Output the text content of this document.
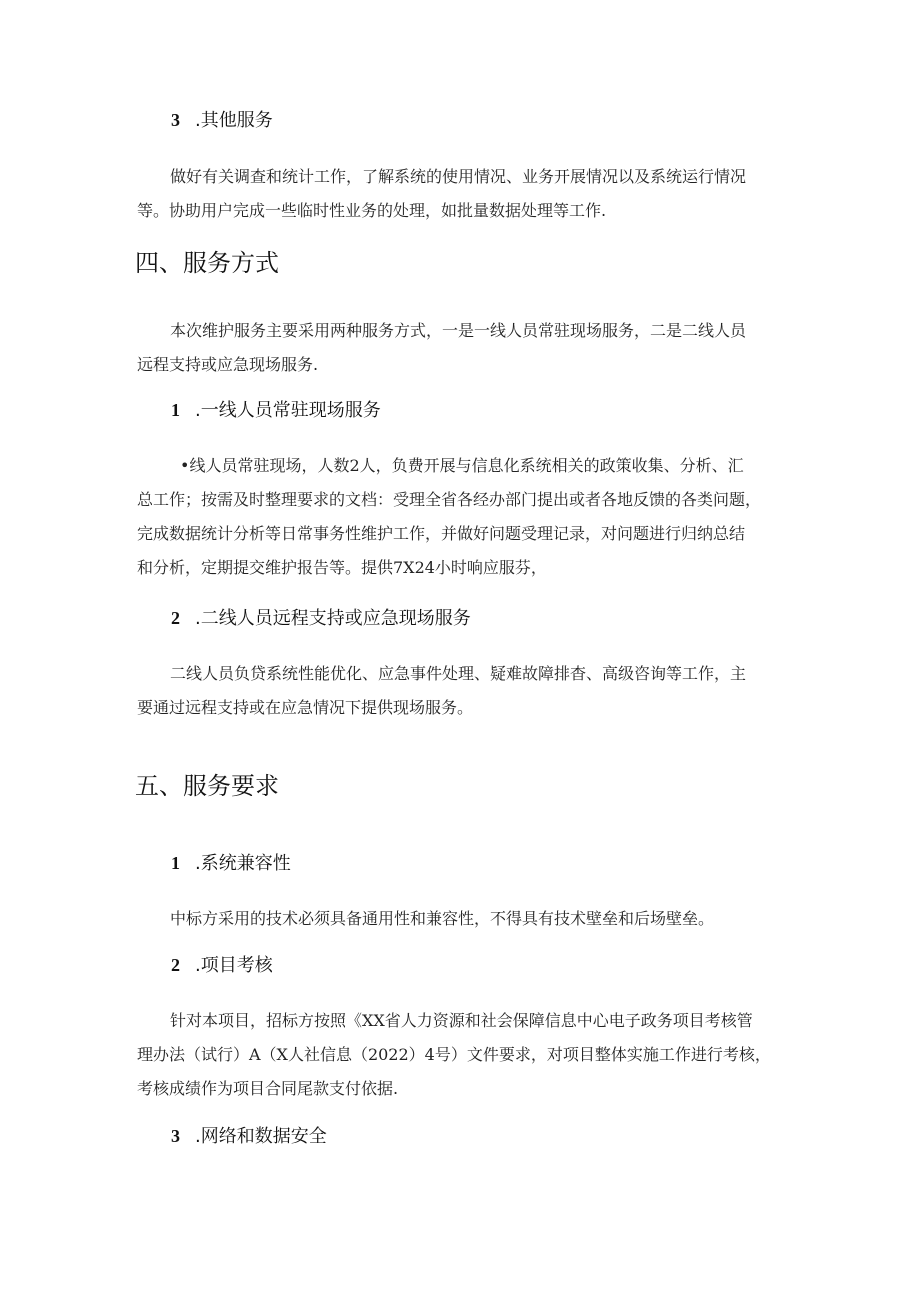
3 .其他服务
做好有关调查和统计工作，了解系统的使用情况、业务开展情况以及系统运行情况
等。协助用户完成一些临时性业务的处理，如批量数据处理等工作.
四、服务方式
本次维护服务主要采用两种服务方式，一是一线人员常驻现场服务，二是二线人员
远程支持或应急现场服务.
1 .一线人员常驻现场服务
•线人员常驻现场，人数2人，负费开展与信息化系统相关的政策收集、分析、汇
总工作；按需及时整理要求的文档：受理全省各经办部门提出或者各地反馈的各类问题，
完成数据统计分析等日常事务性维护工作，并做好问题受理记录，对问题进行归纳总结
和分析，定期提交维护报告等。提供7X24小时响应服芬，
2 .二线人员远程支持或应急现场服务
二线人员负贷系统性能优化、应急事件处理、疑难故障排杳、高级咨询等工作，主
要通过远程支持或在应急情况下提供现场服务。
五、服务要求
1 .系统兼容性
中标方采用的技术必须具备通用性和兼容性，不得具有技术壁垒和后场壁垒。
2 .项目考核
针对本项目，招标方按照《XX省人力资源和社会保障信息中心电子政务项目考核管
理办法（试行）A（X人社信息（2022）4号）文件要求，对项目整体实施工作进行考核，
考核成绩作为项目合同尾款支付依据.
3 .网络和数据安全
